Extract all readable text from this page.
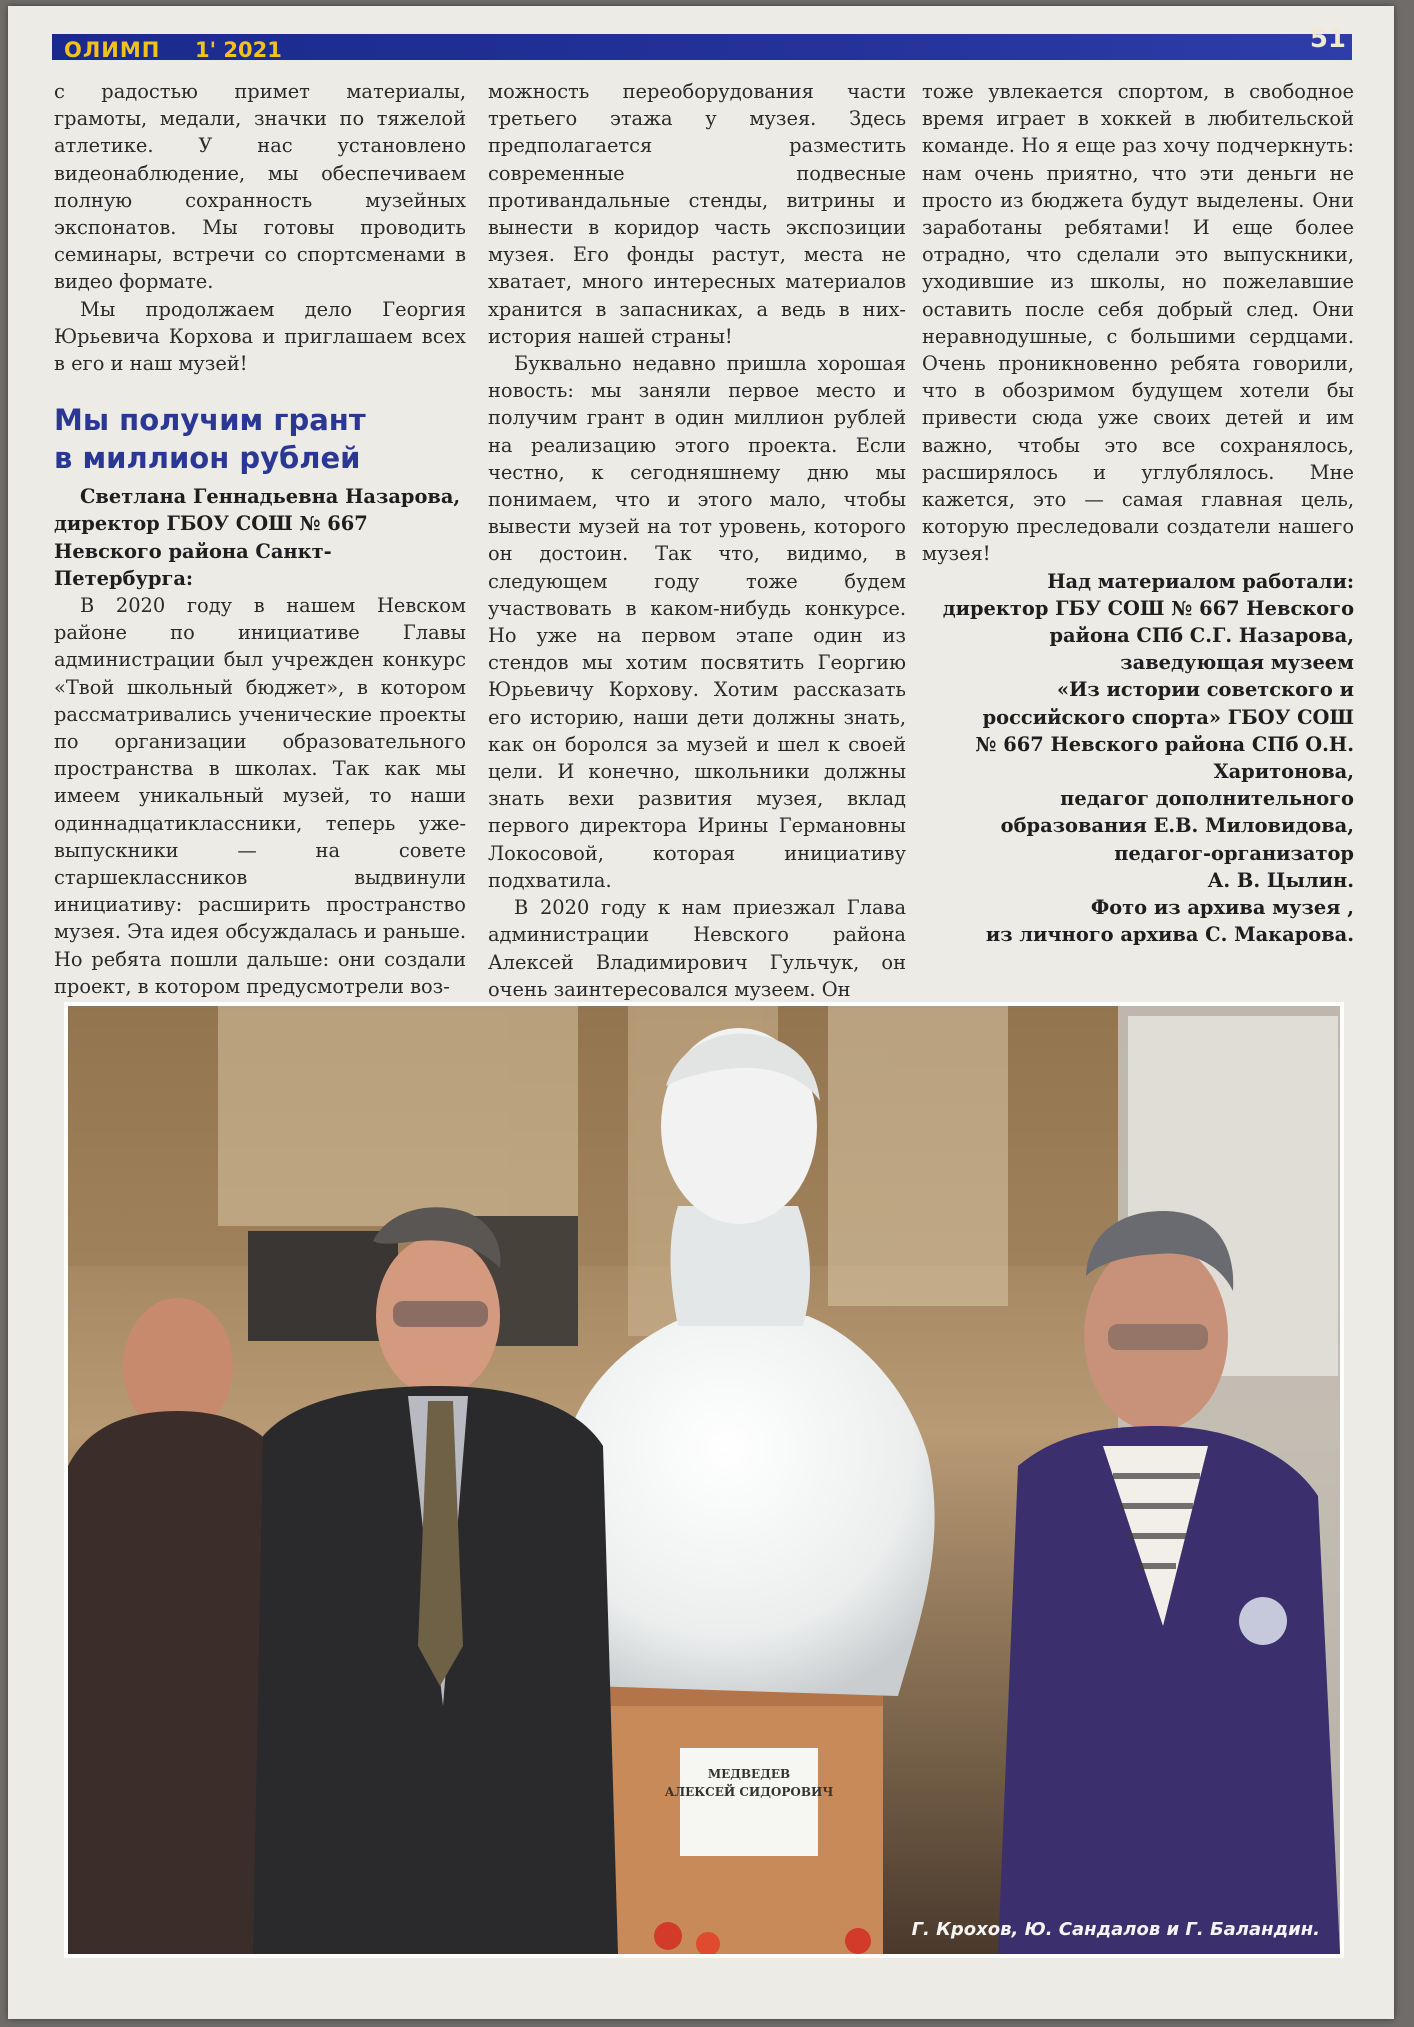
ОЛИМП 1' 2021	51

с радостью примет материалы, грамоты, медали, значки по тяжелой атлетике. У нас установлено видеонаблюдение, мы обеспечиваем полную сохранность музейных экспонатов. Мы готовы проводить семинары, встречи со спортсменами в видео формате.

Мы продолжаем дело Георгия Юрьевича Корхова и приглашаем всех в его и наш музей!

Мы получим грант
в миллион рублей

Светлана Геннадьевна Назарова, директор ГБОУ СОШ № 667 Невского района Санкт-Петербурга:

В 2020 году в нашем Невском районе по инициативе Главы администрации был учрежден конкурс «Твой школьный бюджет», в котором рассматривались ученические проекты по организации образовательного пространства в школах. Так как мы имеем уникальный музей, то наши одиннадцатиклассники, теперь уже-выпускники — на совете старшеклассников выдвинули инициативу: расширить пространство музея. Эта идея обсуждалась и раньше. Но ребята пошли дальше: они создали проект, в котором предусмотрели воз-

можность переоборудования части третьего этажа у музея. Здесь предполагается разместить современные подвесные противандальные стенды, витрины и вынести в коридор часть экспозиции музея. Его фонды растут, места не хватает, много интересных материалов хранится в запасниках, а ведь в них-история нашей страны!

Буквально недавно пришла хорошая новость: мы заняли первое место и получим грант в один миллион рублей на реализацию этого проекта. Если честно, к сегодняшнему дню мы понимаем, что и этого мало, чтобы вывести музей на тот уровень, которого он достоин. Так что, видимо, в следующем году тоже будем участвовать в каком-нибудь конкурсе. Но уже на первом этапе один из стендов мы хотим посвятить Георгию Юрьевичу Корхову. Хотим рассказать его историю, наши дети должны знать, как он боролся за музей и шел к своей цели. И конечно, школьники должны знать вехи развития музея, вклад первого директора Ирины Германовны Локосовой, которая инициативу подхватила.

В 2020 году к нам приезжал Глава администрации Невского района Алексей Владимирович Гульчук, он очень заинтересовался музеем. Он

тоже увлекается спортом, в свободное время играет в хоккей в любительской команде. Но я еще раз хочу подчеркнуть: нам очень приятно, что эти деньги не просто из бюджета будут выделены. Они заработаны ребятами! И еще более отрадно, что сделали это выпускники, уходившие из школы, но пожелавшие оставить после себя добрый след. Они неравнодушные, с большими сердцами. Очень проникновенно ребята говорили, что в обозримом будущем хотели бы привести сюда уже своих детей и им важно, чтобы это все сохранялось, расширялось и углублялось. Мне кажется, это — самая главная цель, которую преследовали создатели нашего музея!

Над материалом работали:
директор ГБУ СОШ № 667 Невского
района СПб С.Г. Назарова,
заведующая музеем
«Из истории советского и
российского спорта» ГБОУ СОШ
№ 667 Невского района СПб О.Н.
Харитонова,
педагог дополнительного
образования Е.В. Миловидова,
педагог-организатор
А. В. Цылин.
Фото из архива музея ,
из личного архива С. Макарова.
МЕДВЕДЕВ
АЛЕКСЕЙ СИДОРОВИЧ
Г. Крохов, Ю. Сандалов и Г. Баландин.
